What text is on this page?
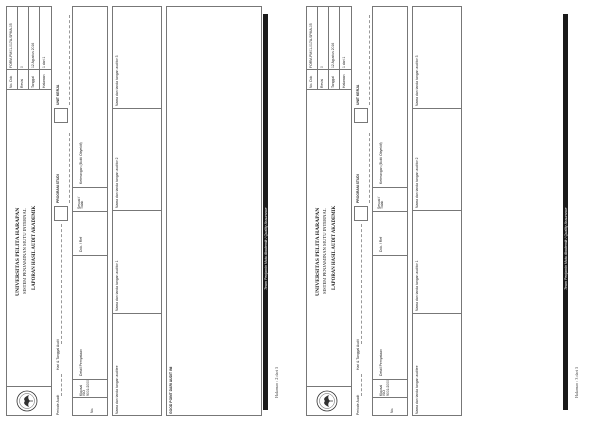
UNIVERSITAS PELITA HARAPAN SISTEM PENJAMINAN MUTU INTERNAL LAPORAN HASIL AUDIT AKADEMIK
No. Dok
FORM-PM01-017A-SPMA-05
Revisi
0
Tanggal
12 Agustus 2016
Halaman
1 dari 1
Periode Audit
Hari & Tanggal Audit
PROGRAM STUDI
UNIT KERJA
No.
Klausal ISO 9001:2000
Detail Pernyataan
Dok. / Ref
Sesuai / Tidak
Keterangan (Bukti Obyektif)
Nama dan tanda tangan auditee
Nama dan tanda tangan auditor 1
Nama dan tanda tangan auditor 2
Nama dan tanda tangan auditor 3
GOOD POINT DARI AUDIT INI
Team Penjamin Mutu Akademik / Quality Assurance
Halaman : 2 dari 5
UNIVERSITAS PELITA HARAPAN SISTEM PENJAMINAN MUTU INTERNAL LAPORAN HASIL AUDIT AKADEMIK
No. Dok
FORM-PM01-017A-SPMA-05
Revisi
0
Tanggal
12 Agustus 2016
Halaman
1 dari 1
Periode Audit
Hari & Tanggal Audit
PROGRAM STUDI
UNIT KERJA
No.
Klausal ISO 9001:2000
Detail Pernyataan
Dok. / Ref
Sesuai / Tidak
Keterangan (Bukti Obyektif)
Nama dan tanda tangan auditee
Nama dan tanda tangan auditor 1
Nama dan tanda tangan auditor 2
Nama dan tanda tangan auditor 3
Team Penjamin Mutu Akademik / Quality Assurance
Halaman : 3 dari 5
